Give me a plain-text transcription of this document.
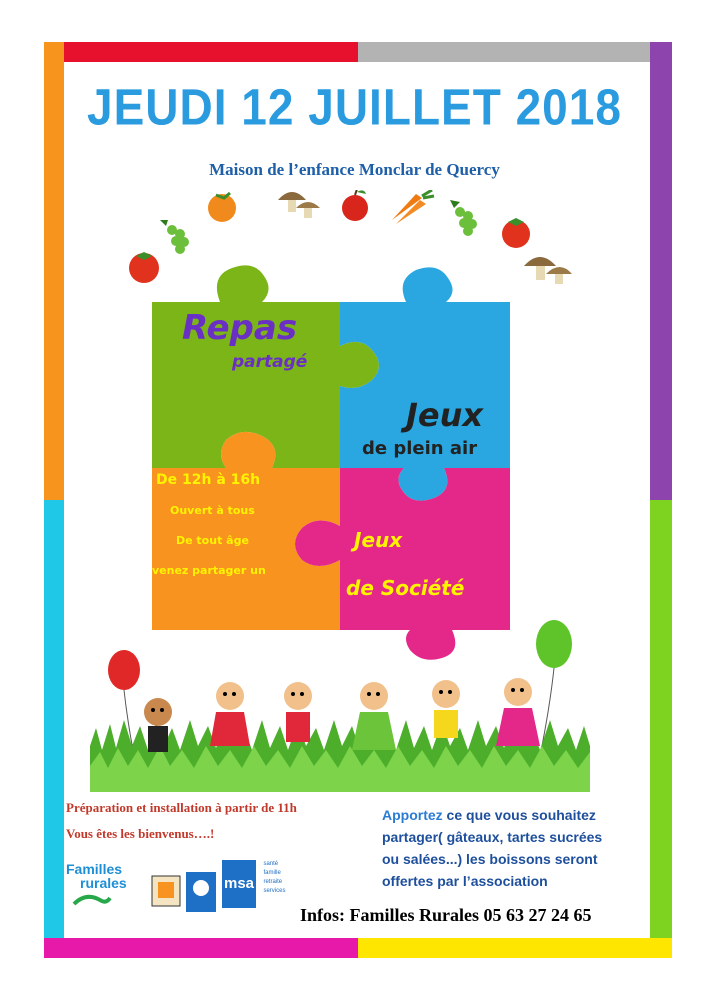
JEUDI 12 JUILLET 2018
Maison de l’enfance Monclar de Quercy
Repas
partagé
Jeux
de plein air
De 12h à 16h
Ouvert à tous
De tout âge
venez partager un
Jeux
de Société
Préparation et installation à partir de 11h
Vous êtes les bienvenus….!
Apportez ce que vous souhaitez
partager( gâteaux, tartes sucrées
ou salées...) les boissons seront
offertes par l’association
Familles
rurales	msa
santé
famille
retraite
services
Infos: Familles Rurales 05 63 27 24 65
